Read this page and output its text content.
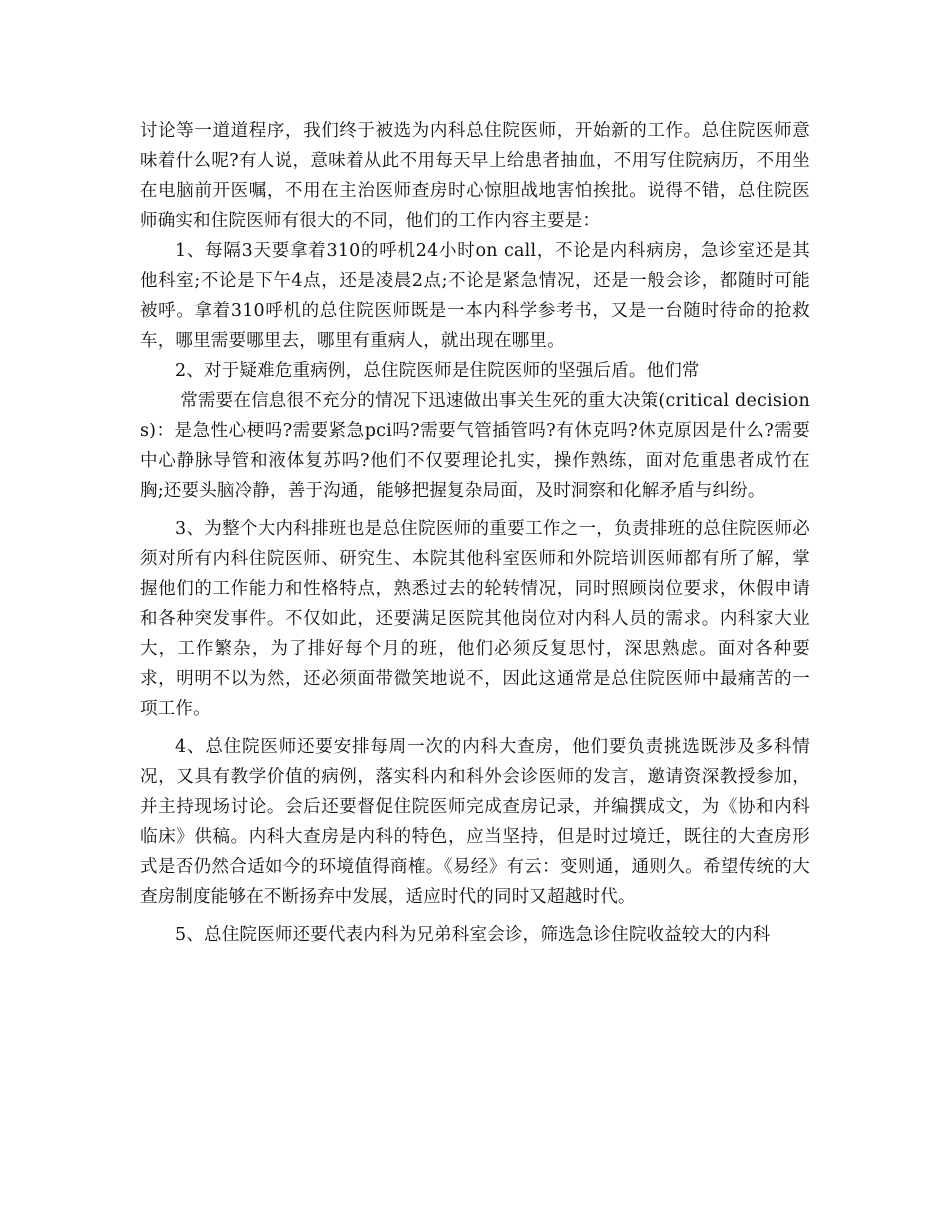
讨论等一道道程序，我们终于被选为内科总住院医师，开始新的工作。总住院医师意味着什么呢?有人说，意味着从此不用每天早上给患者抽血，不用写住院病历，不用坐在电脑前开医嘱，不用在主治医师查房时心惊胆战地害怕挨批。说得不错，总住院医师确实和住院医师有很大的不同，他们的工作内容主要是：

1、每隔3天要拿着310的呼机24小时on call，不论是内科病房，急诊室还是其他科室;不论是下午4点，还是凌晨2点;不论是紧急情况，还是一般会诊，都随时可能被呼。拿着310呼机的总住院医师既是一本内科学参考书，又是一台随时待命的抢救车，哪里需要哪里去，哪里有重病人，就出现在哪里。

2、对于疑难危重病例，总住院医师是住院医师的坚强后盾。他们常

常需要在信息很不充分的情况下迅速做出事关生死的重大决策(critical decisions)：是急性心梗吗?需要紧急pci吗?需要气管插管吗?有休克吗?休克原因是什么?需要中心静脉导管和液体复苏吗?他们不仅要理论扎实，操作熟练，面对危重患者成竹在胸;还要头脑冷静，善于沟通，能够把握复杂局面，及时洞察和化解矛盾与纠纷。

3、为整个大内科排班也是总住院医师的重要工作之一，负责排班的总住院医师必须对所有内科住院医师、研究生、本院其他科室医师和外院培训医师都有所了解，掌握他们的工作能力和性格特点，熟悉过去的轮转情况，同时照顾岗位要求，休假申请和各种突发事件。不仅如此，还要满足医院其他岗位对内科人员的需求。内科家大业大，工作繁杂，为了排好每个月的班，他们必须反复思忖，深思熟虑。面对各种要求，明明不以为然，还必须面带微笑地说不，因此这通常是总住院医师中最痛苦的一项工作。

4、总住院医师还要安排每周一次的内科大查房，他们要负责挑选既涉及多科情况，又具有教学价值的病例，落实科内和科外会诊医师的发言，邀请资深教授参加，并主持现场讨论。会后还要督促住院医师完成查房记录，并编撰成文，为《协和内科临床》供稿。内科大查房是内科的特色，应当坚持，但是时过境迁，既往的大查房形式是否仍然合适如今的环境值得商榷。《易经》有云：变则通，通则久。希望传统的大查房制度能够在不断扬弃中发展，适应时代的同时又超越时代。

5、总住院医师还要代表内科为兄弟科室会诊，筛选急诊住院收益较大的内科
